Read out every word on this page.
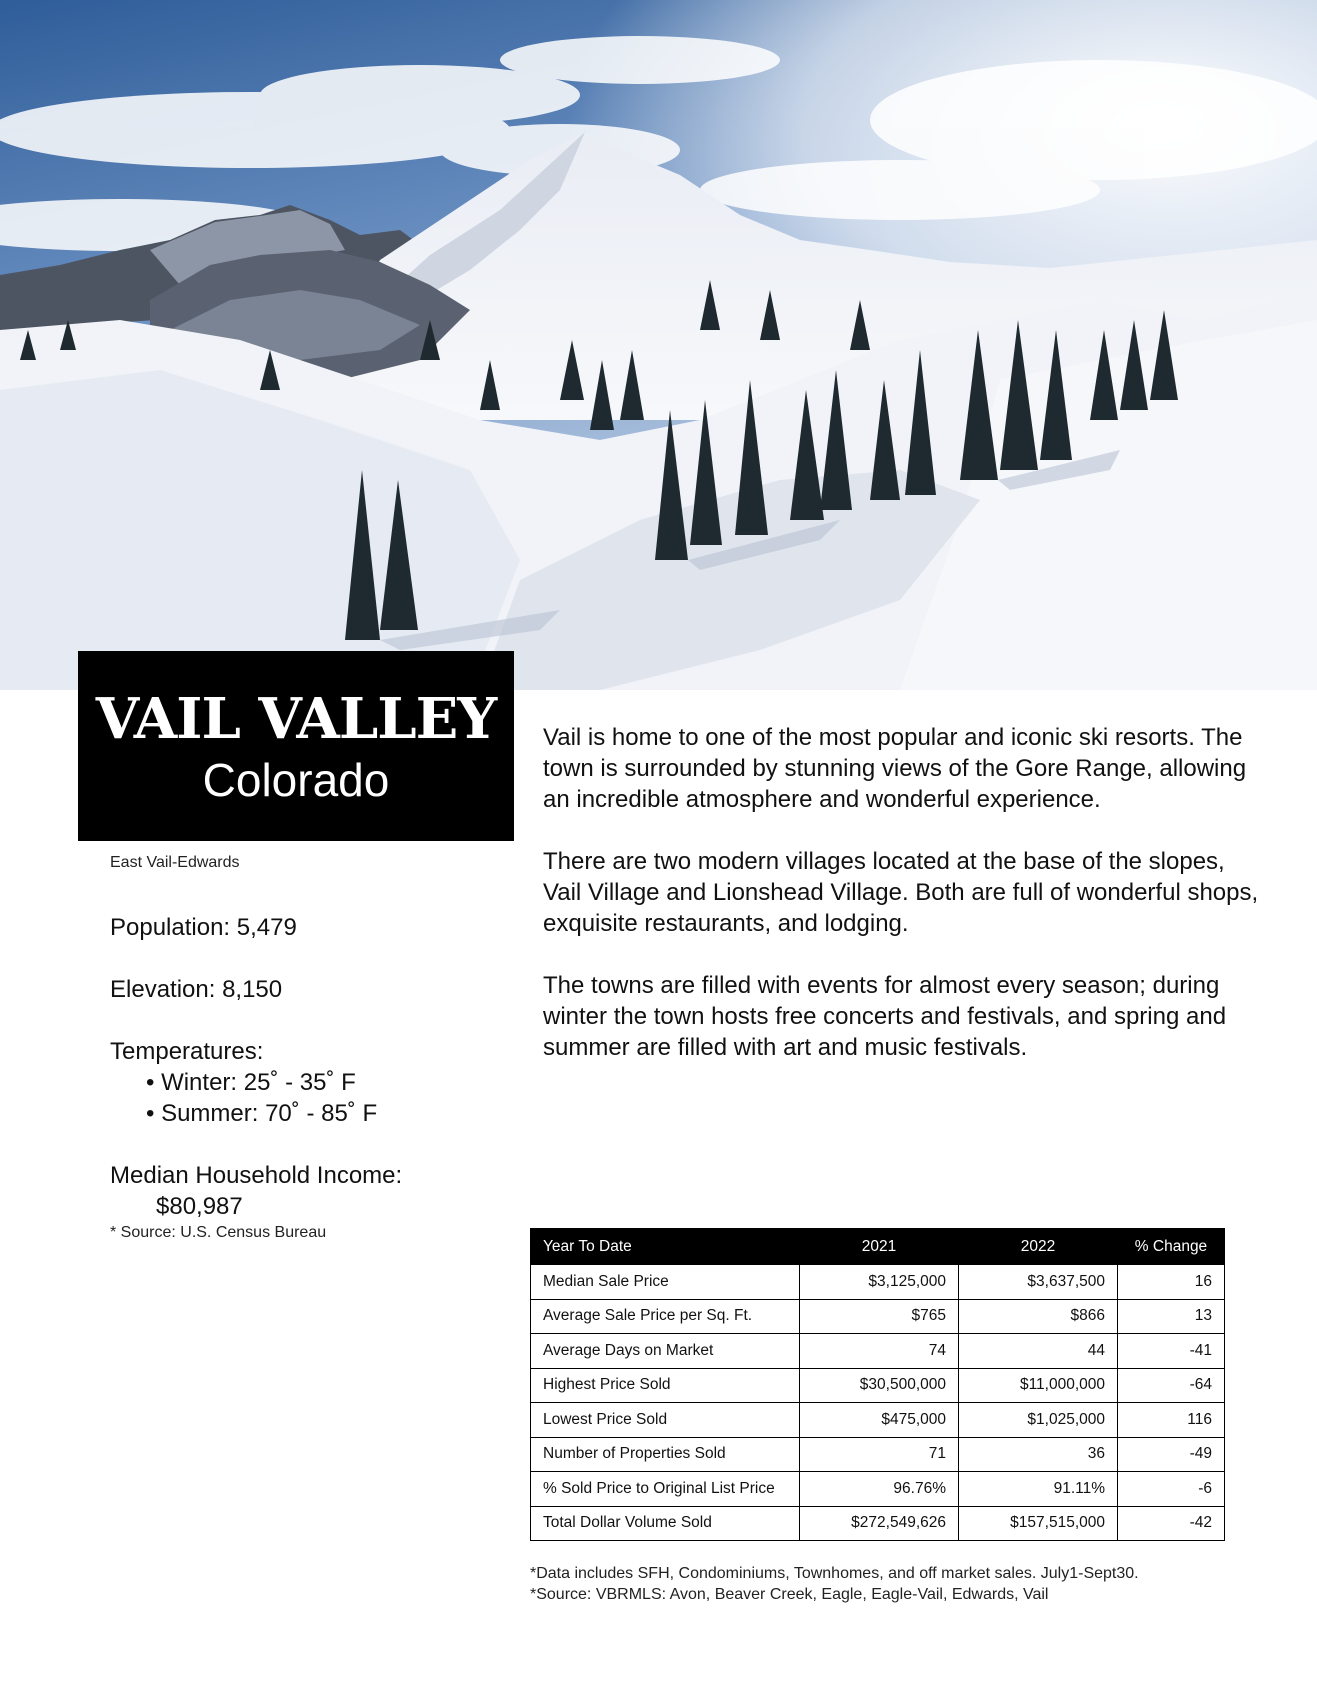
VAIL VALLEY
Colorado
East Vail-Edwards
Population: 5,479
Elevation: 8,150
Temperatures:
• Winter: 25˚ - 35˚ F
• Summer: 70˚ - 85˚ F
Median Household Income:
$80,987
* Source: U.S. Census Bureau

Vail is home to one of the most popular and iconic ski resorts. The town is surrounded by stunning views of the Gore Range, allowing an incredible atmosphere and wonderful experience.

There are two modern villages located at the base of the slopes, Vail Village and Lionshead Village. Both are full of wonderful shops, exquisite restaurants, and lodging.

The towns are filled with events for almost every season; during winter the town hosts free concerts and festivals, and spring and summer are filled with art and music festivals.

Year To Date	2021	2022	% Change
Median Sale Price	$3,125,000	$3,637,500	16
Average Sale Price per Sq. Ft.	$765	$866	13
Average Days on Market	74	44	-41
Highest Price Sold	$30,500,000	$11,000,000	-64
Lowest Price Sold	$475,000	$1,025,000	116
Number of Properties Sold	71	36	-49
% Sold Price to Original List Price	96.76%	91.11%	-6
Total Dollar Volume Sold	$272,549,626	$157,515,000	-42
*Data includes SFH, Condominiums, Townhomes, and off market sales. July1-Sept30.
*Source: VBRMLS: Avon, Beaver Creek, Eagle, Eagle-Vail, Edwards, Vail
